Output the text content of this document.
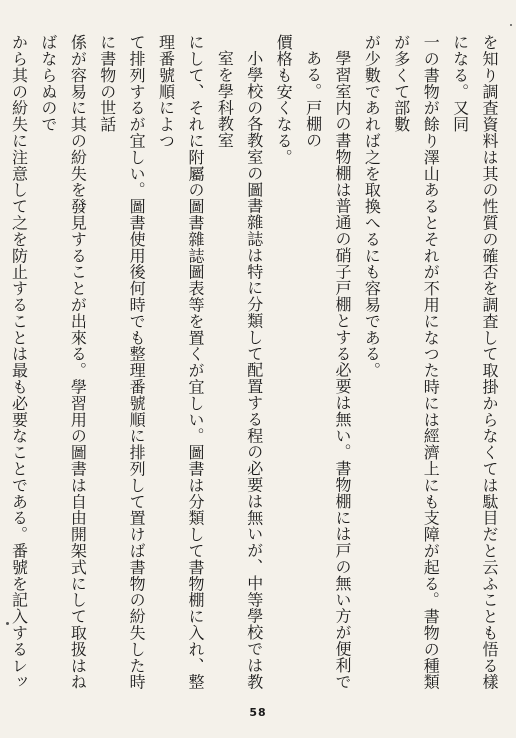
を知り調査資料は其の性質の確否を調査して取掛からなくては駄目だと云ふことも悟る樣になる。又同
一の書物が餘り澤山あるとそれが不用になつた時には經濟上にも支障が起る。書物の種類が多くて部數
が少數であれば之を取換へるにも容易である。
學習室内の書物棚は普通の硝子戸棚とする必要は無い。書物棚には戸の無い方が便利である。戸棚の
價格も安くなる。
小學校の各教室の圖書雜誌は特に分類して配置する程の必要は無いが、中等學校では教室を學科教室
にして、それに附屬の圖書雜誌圖表等を置くが宜しい。圖書は分類して書物棚に入れ、整理番號順によつ
て排列するが宜しい。圖書使用後何時でも整理番號順に排列して置けば書物の紛失した時に書物の世話
係が容易に其の紛失を發見することが出來る。學習用の圖書は自由開架式にして取扱はねばならぬので
から其の紛失に注意して之を防止することは最も必要なことである。番號を記入するレッ
58
